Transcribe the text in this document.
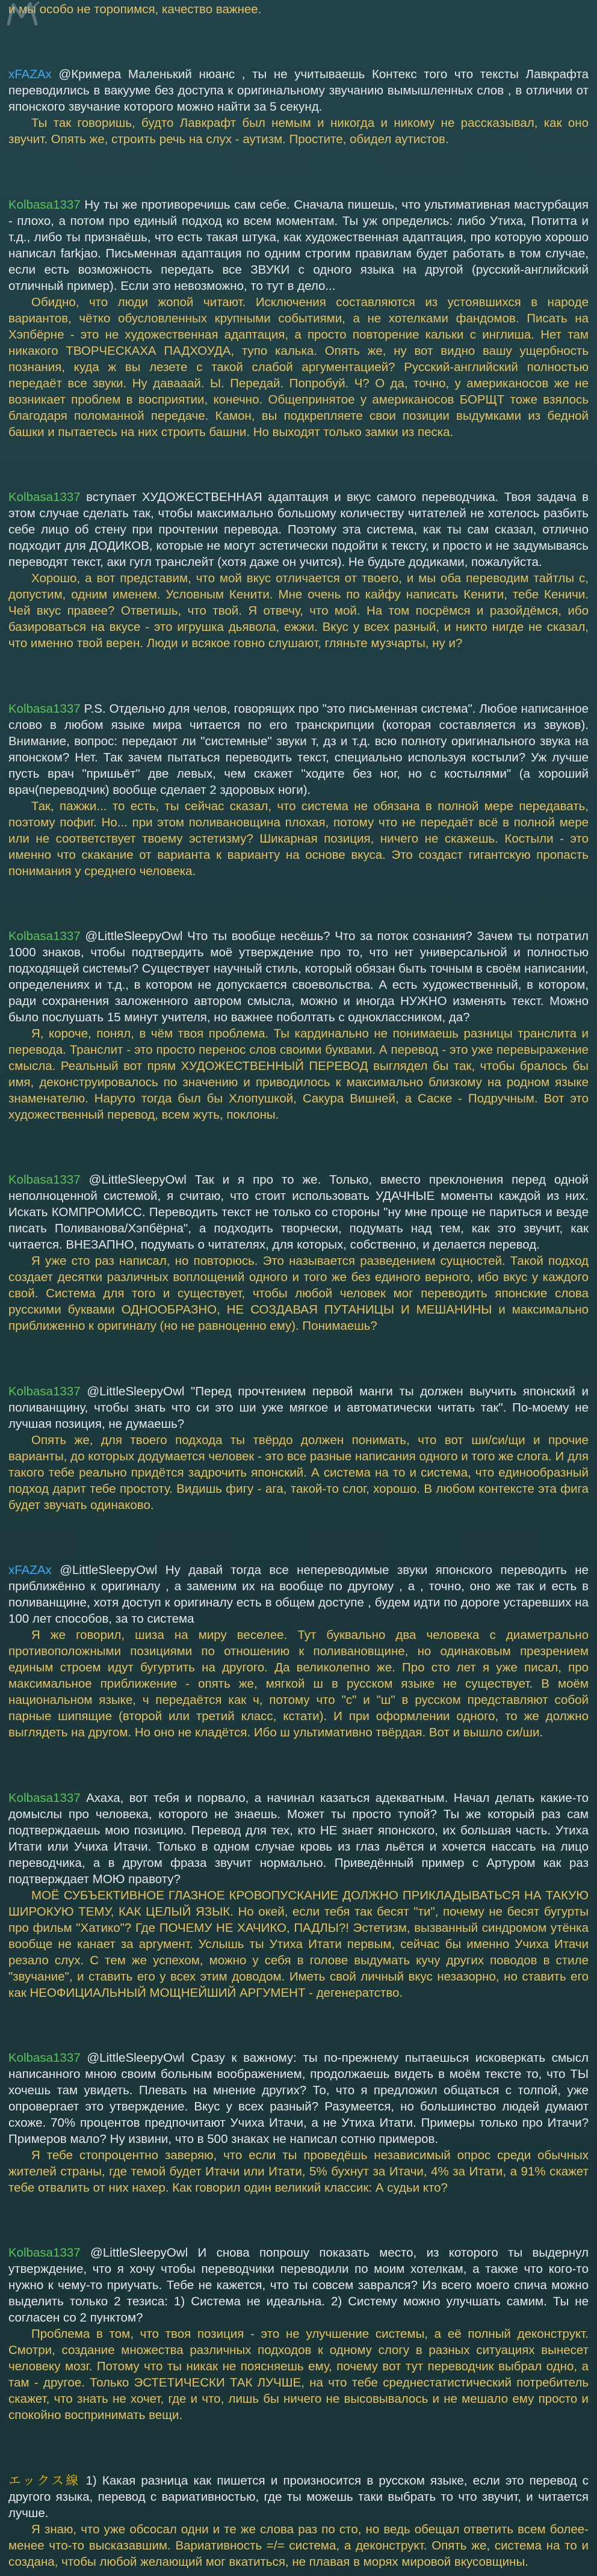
и мы особо не торопимся, качество важнее.

xFAZAx @Кримера Маленький нюанс , ты не учитываешь Контекс того что тексты Лавкрафта переводились в вакууме без доступа к оригинальному звучанию вымышленных слов , в отличии от японского звучание которого можно найти за 5 секунд.

Ты так говоришь, будто Лавкрафт был немым и никогда и никому не рассказывал, как оно звучит. Опять же, строить речь на слух - аутизм. Простите, обидел аутистов.

Kolbasa1337 Ну ты же противоречишь сам себе. Сначала пишешь, что ультимативная мастурбация - плохо, а потом про единый подход ко всем моментам. Ты уж определись: либо Утиха, Потитта и т.д., либо ты признаёшь, что есть такая штука, как художественная адаптация, про которую хорошо написал farkjao. Письменная адаптация по одним строгим правилам будет работать в том случае, если есть возможность передать все ЗВУКИ с одного языка на другой (русский-английский отличный пример). Если это невозможно, то тут в дело...

Обидно, что люди жопой читают. Исключения составляются из устоявшихся в народе вариантов, чётко обусловленных крупными событиями, а не хотелками фандомов. Писать на Хэпбёрне - это не художественная адаптация, а просто повторение кальки с инглиша. Нет там никакого ТВОРЧЕСКАХА ПАДХОУДА, тупо калька. Опять же, ну вот видно вашу ущербность познания, куда ж вы лезете с такой слабой аргументацией? Русский-английский полностью передаёт все звуки. Ну давааай. Ы. Передай. Попробуй. Ч? О да, точно, у американосов же не возникает проблем в восприятии, конечно. Общепринятое у американосов БОРЩТ тоже взялось благодаря поломанной передаче. Камон, вы подкрепляете свои позиции выдумками из бедной башки и пытаетесь на них строить башни. Но выходят только замки из песка.

Kolbasa1337 вступает ХУДОЖЕСТВЕННАЯ адаптация и вкус самого переводчика. Твоя задача в этом случае сделать так, чтобы максимально большому количеству читателей не хотелось разбить себе лицо об стену при прочтении перевода. Поэтому эта система, как ты сам сказал, отлично подходит для ДОДИКОВ, которые не могут эстетически подойти к тексту, и просто и не задумываясь переводят текст, аки гугл транслейт (хотя даже он учится). Не будьте додиками, пожалуйста.

Хорошо, а вот представим, что мой вкус отличается от твоего, и мы оба переводим тайтлы с, допустим, одним именем. Условным Кенити. Мне очень по кайфу написать Кенити, тебе Кеничи. Чей вкус правее? Ответишь, что твой. Я отвечу, что мой. На том посрёмся и разойдёмся, ибо базироваться на вкусе - это игрушка дьявола, ежжи. Вкус у всех разный, и никто нигде не сказал, что именно твой верен. Люди и всякое говно слушают, гляньте музчарты, ну и?

Kolbasa1337 P.S. Отдельно для челов, говорящих про "это письменная система". Любое написанное слово в любом языке мира читается по его транскрипции (которая составляется из звуков). Внимание, вопрос: передают ли "системные" звуки т, дз и т.д. всю полноту оригинального звука на японском? Нет. Так зачем пытаться переводить текст, специально используя костыли? Уж лучше пусть врач "пришьёт" две левых, чем скажет "ходите без ног, но с костылями" (а хороший врач(переводчик) вообще сделает 2 здоровых ноги).

Так, пажжи... то есть, ты сейчас сказал, что система не обязана в полной мере передавать, поэтому пофиг. Но... при этом поливановщина плохая, потому что не передаёт всё в полной мере или не соответствует твоему эстетизму? Шикарная позиция, ничего не скажешь. Костыли - это именно что скакание от варианта к варианту на основе вкуса. Это создаст гигантскую пропасть понимания у среднего человека.

Kolbasa1337 @LittleSleepyOwl Что ты вообще несёшь? Что за поток сознания? Зачем ты потратил 1000 знаков, чтобы подтвердить моё утверждение про то, что нет универсальной и полностью подходящей системы? Существует научный стиль, который обязан быть точным в своём написании, определениях и т.д., в котором не допускается своевольства. А есть художественный, в котором, ради сохранения заложенного автором смысла, можно и иногда НУЖНО изменять текст. Можно было послушать 15 минут учителя, но важнее поболтать с одноклассником, да?

Я, короче, понял, в чём твоя проблема. Ты кардинально не понимаешь разницы транслита и перевода. Транслит - это просто перенос слов своими буквами. А перевод - это уже перевыражение смысла. Реальный вот прям ХУДОЖЕСТВЕННЫЙ ПЕРЕВОД выглядел бы так, чтобы бралось бы имя, деконструировалось по значению и приводилось к максимально близкому на родном языке знаменателю. Наруто тогда был бы Хлопушкой, Сакура Вишней, а Саске - Подручным. Вот это художественный перевод, всем жуть, поклоны.

Kolbasa1337 @LittleSleepyOwl Так и я про то же. Только, вместо преклонения перед одной неполноценной системой, я считаю, что стоит использовать УДАЧНЫЕ моменты каждой из них. Искать КОМПРОМИСС. Переводить текст не только со стороны "ну мне проще не париться и везде писать Поливанова/Хэпбёрна", а подходить творчески, подумать над тем, как это звучит, как читается. ВНЕЗАПНО, подумать о читателях, для которых, собственно, и делается перевод.

Я уже сто раз написал, но повторюсь. Это называется разведением сущностей. Такой подход создает десятки различных воплощений одного и того же без единого верного, ибо вкус у каждого свой. Система для того и существует, чтобы любой человек мог переводить японские слова русскими буквами ОДНООБРАЗНО, НЕ СОЗДАВАЯ ПУТАНИЦЫ И МЕШАНИНЫ и максимально приближенно к оригиналу (но не равноценно ему). Понимаешь?

Kolbasa1337 @LittleSleepyOwl "Перед прочтением первой манги ты должен выучить японский и поливанщину, чтобы знать что си это ши уже мягкое и автоматически читать так". По-моему не лучшая позиция, не думаешь?

Опять же, для твоего подхода ты твёрдо должен понимать, что вот ши/си/щи и прочие варианты, до которых додумается человек - это все разные написания одного и того же слога. И для такого тебе реально придётся задрочить японский. А система на то и система, что единообразный подход дарит тебе простоту. Видишь фигу - ага, такой-то слог, хорошо. В любом контексте эта фига будет звучать одинаково.

xFAZAx @LittleSleepyOwl Ну давай тогда все непереводимые звуки японского переводить не приближённо к оригиналу , а заменим их на вообще по другому , а , точно, оно же так и есть в поливанщине, хотя доступ к оригиналу есть в общем доступе , будем идти по дороге устаревших на 100 лет способов, за то система

Я же говорил, шиза на миру веселее. Тут буквально два человека с диаметрально противоположными позициями по отношению к поливановщине, но одинаковым презрением единым строем идут бугуртить на другого. Да великолепно же. Про сто лет я уже писал, про максимальное приближение - опять же, мягкой ш в русском языке не существует. В моём национальном языке, ч передаётся как ч, потому что "с" и "ш" в русском представляют собой парные шипящие (второй или третий класс, кстати). И при оформлении одного, то же должно выглядеть на другом. Но оно не кладётся. Ибо ш ультимативно твёрдая. Вот и вышло си/ши.

Kolbasa1337 Ахаха, вот тебя и порвало, а начинал казаться адекватным. Начал делать какие-то домыслы про человека, которого не знаешь. Может ты просто тупой? Ты же который раз сам подтверждаешь мою позицию. Перевод для тех, кто НЕ знает японского, их большая часть. Утиха Итати или Учиха Итачи. Только в одном случае кровь из глаз льётся и хочется нассать на лицо переводчика, а в другом фраза звучит нормально. Приведённый пример с Артуром как раз подтверждает МОЮ правоту?

МОЁ СУБЪЕКТИВНОЕ ГЛАЗНОЕ КРОВОПУСКАНИЕ ДОЛЖНО ПРИКЛАДЫВАТЬСЯ НА ТАКУЮ ШИРОКУЮ ТЕМУ, КАК ЦЕЛЫЙ ЯЗЫК. Но окей, если тебя так бесят "ти", почему не бесят бугурты про фильм "Хатико"? Где ПОЧЕМУ НЕ ХАЧИКО, ПАДЛЫ?! Эстетизм, вызванный синдромом утёнка вообще не канает за аргумент. Услышь ты Утиха Итати первым, сейчас бы именно Учиха Итачи резало слух. С тем же успехом, можно у себя в голове выдумать кучу других поводов в стиле "звучание", и ставить его у всех этим доводом. Иметь свой личный вкус незазорно, но ставить его как НЕОФИЦИАЛЬНЫЙ МОЩНЕЙШИЙ АРГУМЕНТ - дегенератство.

Kolbasa1337 @LittleSleepyOwl Сразу к важному: ты по-прежнему пытаешься исковеркать смысл написанного мною своим больным воображением, продолжаешь видеть в моём тексте то, что ТЫ хочешь там увидеть. Плевать на мнение других? То, что я предложил общаться с толпой, уже опровергает это утверждение. Вкус у всех разный? Разумеется, но большинство людей думают схоже. 70% процентов предпочитают Учиха Итачи, а не Утиха Итати. Примеры только про Итачи? Примеров мало? Ну извини, что в 500 знаках не написал сотню примеров.

Я тебе стопроцентно заверяю, что если ты проведёшь независимый опрос среди обычных жителей страны, где темой будет Итачи или Итати, 5% бухнут за Итачи, 4% за Итати, а 91% скажет тебе отвалить от них нахер. Как говорил один великий классик: А судьи кто?

Kolbasa1337 @LittleSleepyOwl И снова попрошу показать место, из которого ты выдернул утверждение, что я хочу чтобы переводчики переводили по моим хотелкам, а также что кого-то нужно к чему-то приучать. Тебе не кажется, что ты совсем заврался? Из всего моего спича можно выделить только 2 тезиса: 1) Система не идеальна. 2) Систему можно улучшать самим. Ты не согласен со 2 пунктом?

Проблема в том, что твоя позиция - это не улучшение системы, а её полный деконструкт. Смотри, создание множества различных подходов к одному слогу в разных ситуациях вынесет человеку мозг. Потому что ты никак не поясняешь ему, почему вот тут переводчик выбрал одно, а там - другое. Только ЭСТЕТИЧЕСКИ ТАК ЛУЧШЕ, на что тебе среднестатистический потребитель скажет, что знать не хочет, где и что, лишь бы ничего не высовывалось и не мешало ему просто и спокойно воспринимать вещи.

エックス線 1) Какая разница как пишется и произносится в русском языке, если это перевод с другого языка, перевод с вариативностью, где ты можешь таки выбрать то что звучит, и читается лучше.

Я знаю, что уже обсосал одни и те же слова раз по сто, но ведь обещал ответить всем более-менее что-то высказавшим. Вариативность =/= система, а деконструкт. Опять же, система на то и создана, чтобы любой желающий мог вкатиться, не плавая в морях мировой вкусовщины.
